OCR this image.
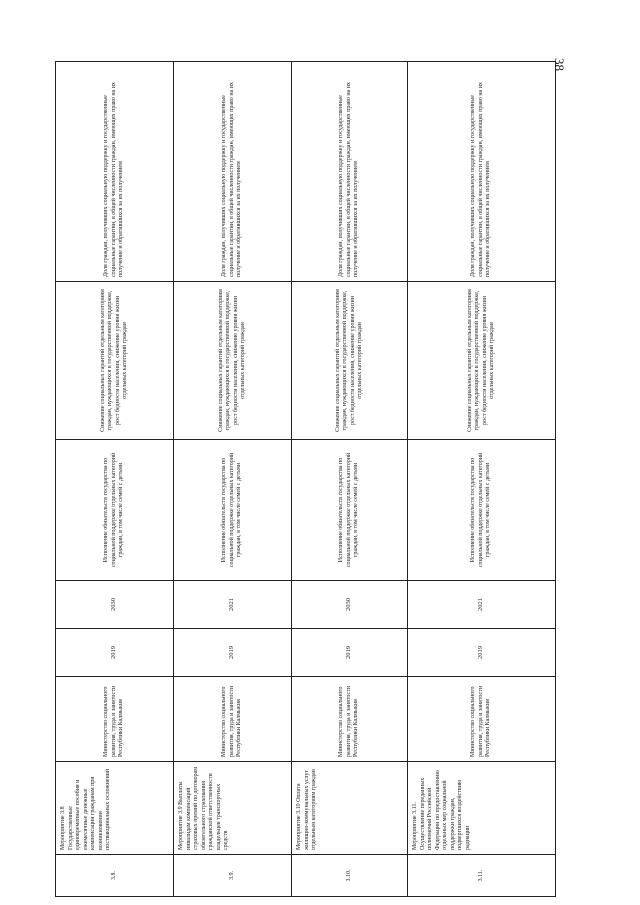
38
3.8.	Мероприятие 3.8 Государственные единовременные пособия и ежемесячные денежные компенсации гражданам при возникновении поствакцинальных осложнений	Министерство социального развития, труда и занятости Республики Калмыкия	2019	2030	Исполнение обязательств государства по социальной поддержке отдельных категорий граждан, в том числе семей с детьми	Снижение социальных гарантий отдельным категориям граждан, нуждающихся в государственной поддержке, рост бедности населения, снижение уровня жизни отдельных категорий граждан	Доля граждан, получивших социальную поддержку и государственные социальные гарантии, в общей численности граждан, имеющих право на их получение и обратившихся за их получением
3.9.	Мероприятие 3.9 Выплаты инвалидам компенсаций страховых премий по договорам обязательного страхования гражданской ответственности владельцев транспортных средств	Министерство социального развития, труда и занятости Республики Калмыкия	2019	2021	Исполнение обязательств государства по социальной поддержке отдельных категорий граждан, в том числе семей с детьми	Снижение социальных гарантий отдельным категориям граждан, нуждающихся в государственной поддержке, рост бедности населения, снижение уровня жизни отдельных категорий граждан	Доля граждан, получивших социальную поддержку и государственные социальные гарантии, в общей численности граждан, имеющих право на их получение и обратившихся за их получением
3.10.	Мероприятие 3.10 Оплата жилищно-коммунальных услуг отдельным категориям граждан	Министерство социального развития, труда и занятости Республики Калмыкия	2019	2030	Исполнение обязательств государства по социальной поддержке отдельных категорий граждан, в том числе семей с детьми	Снижение социальных гарантий отдельным категориям граждан, нуждающихся в государственной поддержке, рост бедности населения, снижение уровня жизни отдельных категорий граждан	Доля граждан, получивших социальную поддержку и государственные социальные гарантии, в общей численности граждан, имеющих право на их получение и обратившихся за их получением
3.11.	Мероприятие 3.11. Осуществление переданных полномочий Российской Федерации по предоставлению отдельных мер социальной поддержки граждан, подвергшихся воздействию радиации	Министерство социального развития, труда и занятости Республики Калмыкия	2019	2021	Исполнение обязательств государства по социальной поддержке отдельных категорий граждан, в том числе семей с детьми	Снижение социальных гарантий отдельным категориям граждан, нуждающихся в государственной поддержке, рост бедности населения, снижение уровня жизни отдельных категорий граждан	Доля граждан, получивших социальную поддержку и государственные социальные гарантии, в общей численности граждан, имеющих право на их получение и обратившихся за их получением
